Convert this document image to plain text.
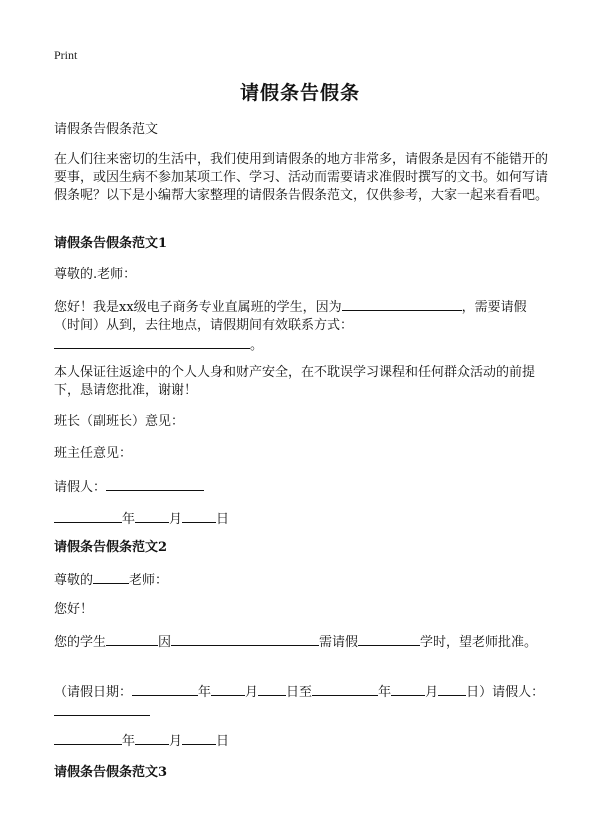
Print
请假条告假条
请假条告假条范文
在人们往来密切的生活中，我们使用到请假条的地方非常多，请假条是因有不能错开的要事，或因生病不参加某项工作、学习、活动而需要请求准假时撰写的文书。如何写请假条呢？以下是小编帮大家整理的请假条告假条范文，仅供参考，大家一起来看看吧。
请假条告假条范文1
尊敬的.老师：
您好！我是xx级电子商务专业直属班的学生，因为	，需要请假（时间）从到，去往地点，请假期间有效联系方式：
。
本人保证往返途中的个人人身和财产安全，在不耽误学习课程和任何群众活动的前提下，恳请您批准，谢谢！
班长（副班长）意见：
班主任意见：
请假人：
年	月	日
请假条告假条范文2
尊敬的	老师：
您好！
您的学生	因	需请假	学时，望老师批准。
（请假日期：	年	月 日至	年	月 日）请假人：
年	月	日
请假条告假条范文3
